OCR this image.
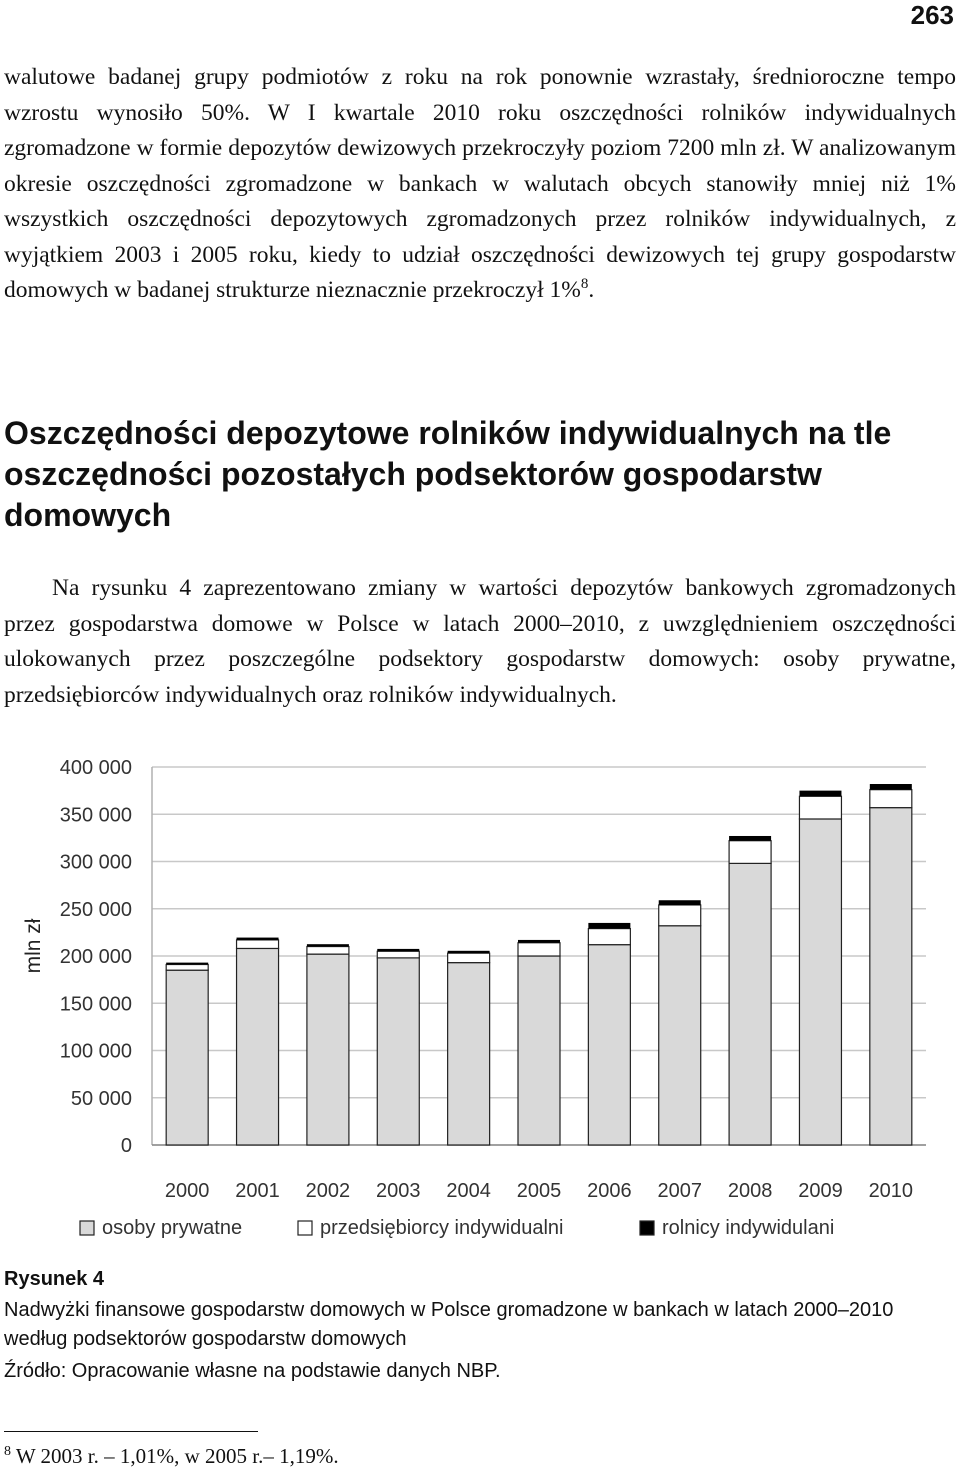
263

walutowe badanej grupy podmiotów z roku na rok ponownie wzrastały, średnioroczne tempo wzrostu wynosiło 50%. W I kwartale 2010 roku oszczędności rolników indywidualnych zgromadzone w formie depozytów dewizowych przekroczyły poziom 7200 mln zł. W analizowanym okresie oszczędności zgromadzone w bankach w walutach obcych stanowiły mniej niż 1% wszystkich oszczędności depozytowych zgromadzonych przez rolników indywidualnych, z wyjątkiem 2003 i 2005 roku, kiedy to udział oszczędności dewizowych tej grupy gospodarstw domowych w badanej strukturze nieznacznie przekroczył 1%$^8$.

Oszczędności depozytowe rolników indywidualnych na tle oszczędności pozostałych podsektorów gospodarstw domowych

Na rysunku 4 zaprezentowano zmiany w wartości depozytów bankowych zgromadzonych przez gospodarstwa domowe w Polsce w latach 2000–2010, z uwzględnieniem oszczędności ulokowanych przez poszczególne podsektory gospodarstw domowych: osoby prywatne, przedsiębiorców indywidualnych oraz rolników indywidualnych.

0
50 000
100 000
150 000
200 000
250 000
300 000
350 000
400 000
2000 2001 2002 2003 2004 2005 2006 2007 2008 2009 2010
mln zł
osoby prywatne	przedsiębiorcy indywidualni	rolnicy indywidulani

Rysunek 4

Nadwyżki finansowe gospodarstw domowych w Polsce gromadzone w bankach w latach 2000–2010 według podsektorów gospodarstw domowych

Źródło: Opracowanie własne na podstawie danych NBP.

$^8$ W 2003 r. – 1,01%, w 2005 r.– 1,19%.
